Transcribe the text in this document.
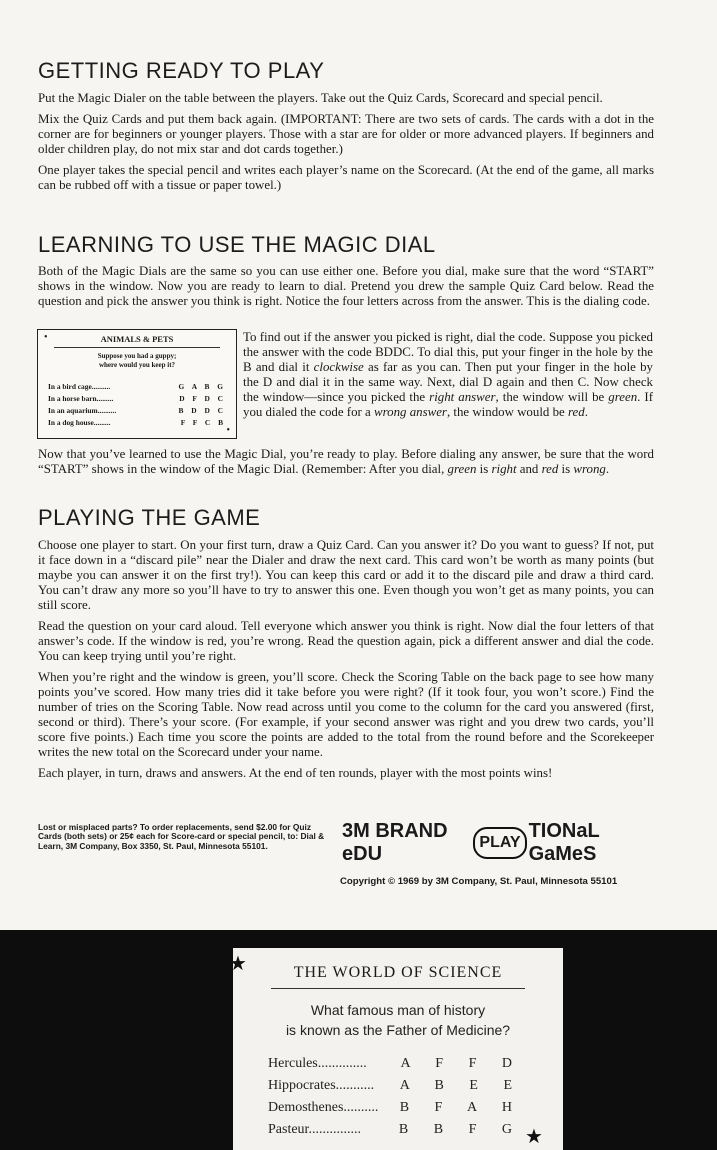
GETTING READY TO PLAY

Put the Magic Dialer on the table between the players. Take out the Quiz Cards, Scorecard and special pencil.

Mix the Quiz Cards and put them back again. (IMPORTANT: There are two sets of cards. The cards with a dot in the corner are for beginners or younger players. Those with a star are for older or more advanced players. If beginners and older children play, do not mix star and dot cards together.)

One player takes the special pencil and writes each player’s name on the Scorecard. (At the end of the game, all marks can be rubbed off with a tissue or paper towel.)

LEARNING TO USE THE MAGIC DIAL

Both of the Magic Dials are the same so you can use either one. Before you dial, make sure that the word “START” shows in the window. Now you are ready to learn to dial. Pretend you drew the sample Quiz Card below. Read the question and pick the answer you think is right. Notice the four letters across from the answer. This is the dialing code.

•	ANIMALS & PETS
Suppose you had a guppy;
where would you keep it?
In a bird cage..........	G A B G
In a horse barn.........	D F D C
In an aquarium..........	B D D C
In a dog house.........	F F C B
•

To find out if the answer you picked is right, dial the code. Suppose you picked the answer with the code BDDC. To dial this, put your finger in the hole by the B and dial it clockwise as far as you can. Then put your finger in the hole by the D and dial it in the same way. Next, dial D again and then C. Now check the window—since you picked the right answer, the window will be green. If you dialed the code for a wrong answer, the window would be red.

Now that you’ve learned to use the Magic Dial, you’re ready to play. Before dialing any answer, be sure that the word “START” shows in the window of the Magic Dial. (Remember: After you dial, green is right and red is wrong.

PLAYING THE GAME

Choose one player to start. On your first turn, draw a Quiz Card. Can you answer it? Do you want to guess? If not, put it face down in a “discard pile” near the Dialer and draw the next card. This card won’t be worth as many points (but maybe you can answer it on the first try!). You can keep this card or add it to the discard pile and draw a third card. You can’t draw any more so you’ll have to try to answer this one. Even though you won’t get as many points, you can still score.

Read the question on your card aloud. Tell everyone which answer you think is right. Now dial the four letters of that answer’s code. If the window is red, you’re wrong. Read the question again, pick a different answer and dial the code. You can keep trying until you’re right.

When you’re right and the window is green, you’ll score. Check the Scoring Table on the back page to see how many points you’ve scored. How many tries did it take before you were right? (If it took four, you won’t score.) Find the number of tries on the Scoring Table. Now read across until you come to the column for the card you answered (first, second or third). There’s your score. (For example, if your second answer was right and you drew two cards, you’ll score five points.) Each time you score the points are added to the total from the round before and the Scorekeeper writes the new total on the Scorecard under your name.

Each player, in turn, draws and answers. At the end of ten rounds, player with the most points wins!

Lost or misplaced parts? To order replacements, send $2.00 for Quiz Cards (both sets) or 25¢ each for Score-card or special pencil, to: Dial & Learn, 3M Company, Box 3350, St. Paul, Minnesota 55101.

3M BRAND eDU
PLAY
TIONaL GaMeS

Copyright © 1969 by 3M Company, St. Paul, Minnesota 55101

★	THE WORLD OF SCIENCE
What famous man of history
is known as the Father of Medicine?
Hercules.............. A F F D
Hippocrates........... A B E E
Demosthenes.......... B F A H
Pasteur...............	B B F G ★
